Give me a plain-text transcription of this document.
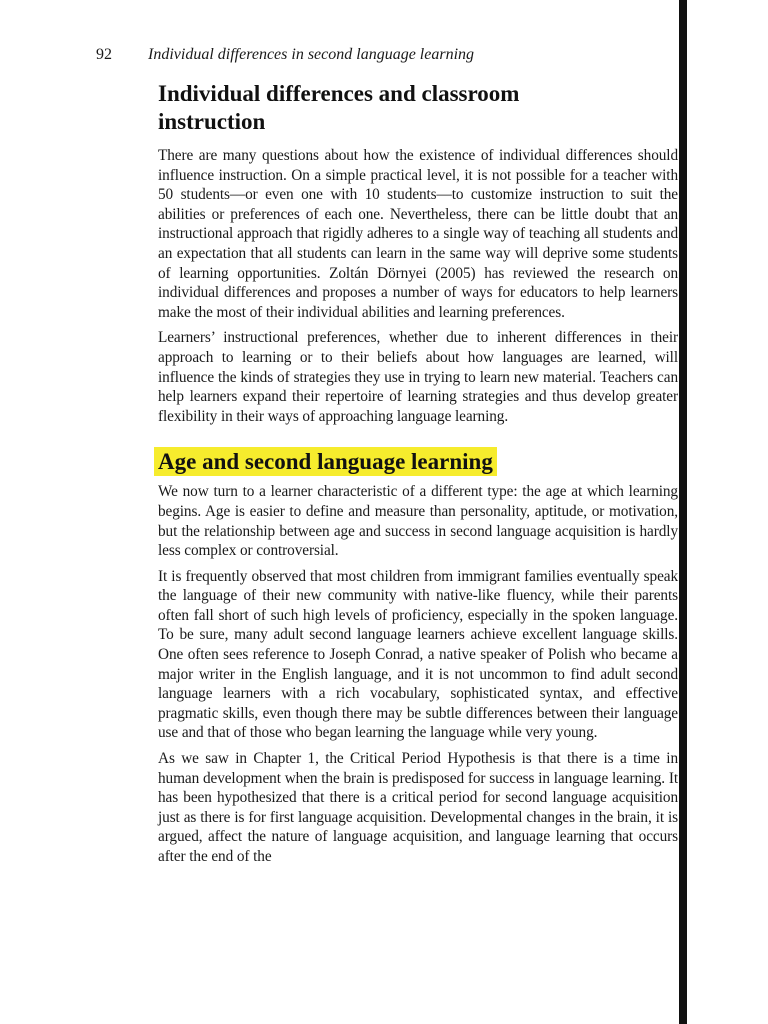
92 Individual differences in second language learning
Individual differences and classroom instruction

There are many questions about how the existence of individual differences should influence instruction. On a simple practical level, it is not possible for a teacher with 50 students—or even one with 10 students—to customize instruction to suit the abilities or preferences of each one. Nevertheless, there can be little doubt that an instructional approach that rigidly adheres to a single way of teaching all students and an expectation that all students can learn in the same way will deprive some students of learning opportunities. Zoltán Dörnyei (2005) has reviewed the research on individual differences and proposes a number of ways for educators to help learners make the most of their individual abilities and learning preferences.

Learners’ instructional preferences, whether due to inherent differences in their approach to learning or to their beliefs about how languages are learned, will influence the kinds of strategies they use in trying to learn new material. Teachers can help learners expand their repertoire of learning strategies and thus develop greater flexibility in their ways of approaching language learning.

Age and second language learning

We now turn to a learner characteristic of a different type: the age at which learning begins. Age is easier to define and measure than personality, aptitude, or motivation, but the relationship between age and success in second language acquisition is hardly less complex or controversial.

It is frequently observed that most children from immigrant families eventually speak the language of their new community with native-like fluency, while their parents often fall short of such high levels of proficiency, especially in the spoken language. To be sure, many adult second language learners achieve excellent language skills. One often sees reference to Joseph Conrad, a native speaker of Polish who became a major writer in the English language, and it is not uncommon to find adult second language learners with a rich vocabulary, sophisticated syntax, and effective pragmatic skills, even though there may be subtle differences between their language use and that of those who began learning the language while very young.

As we saw in Chapter 1, the Critical Period Hypothesis is that there is a time in human development when the brain is predisposed for success in language learning. It has been hypothesized that there is a critical period for second language acquisition just as there is for first language acquisition. Developmental changes in the brain, it is argued, affect the nature of language acquisition, and language learning that occurs after the end of the
